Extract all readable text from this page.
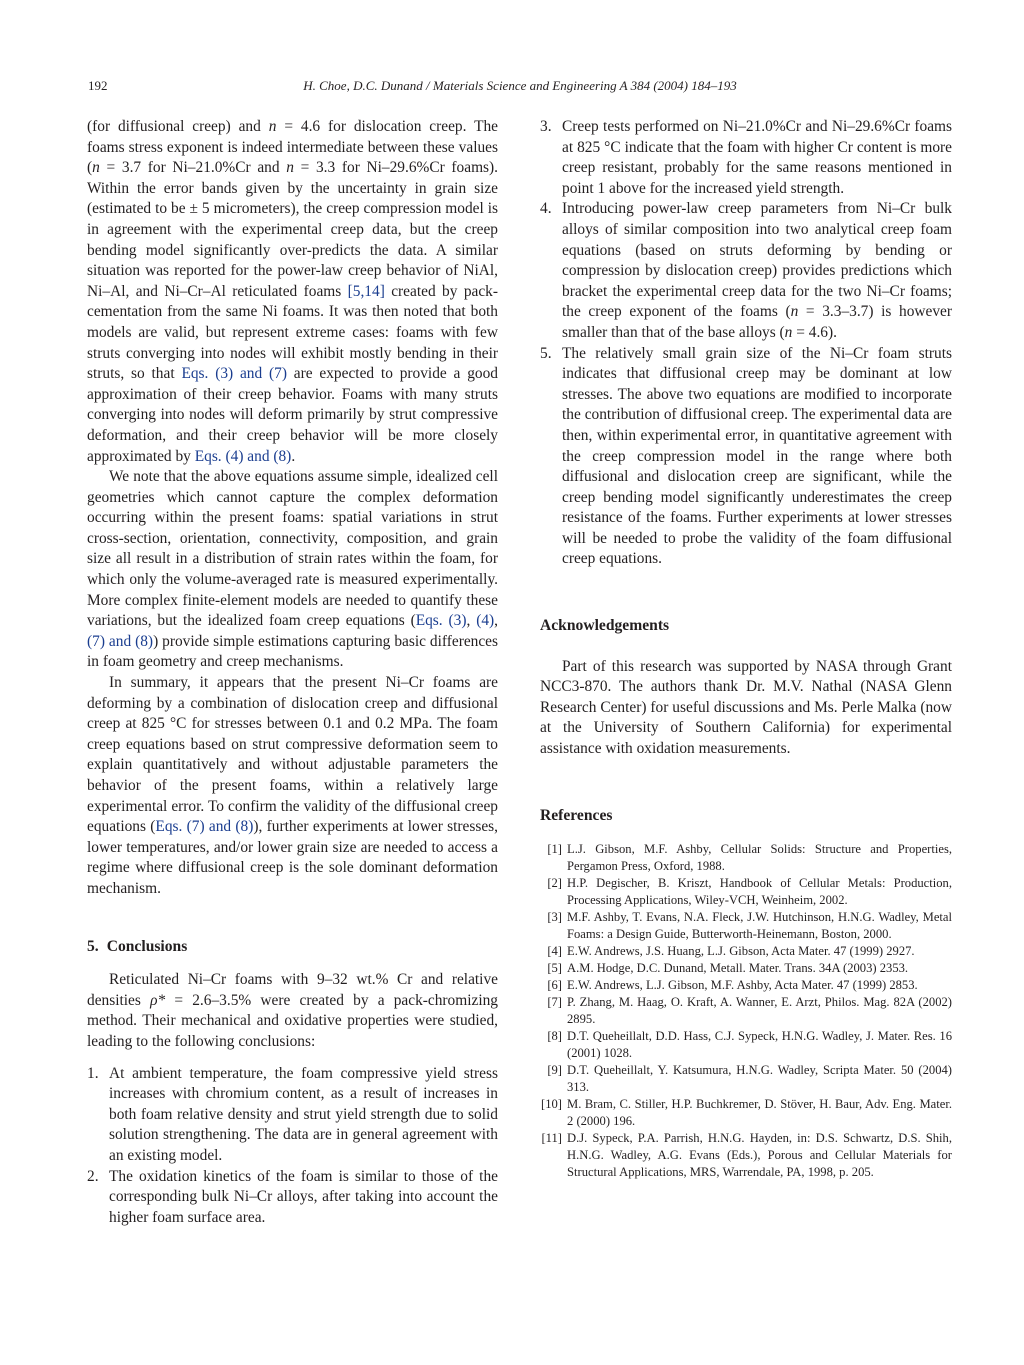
192	H. Choe, D.C. Dunand / Materials Science and Engineering A 384 (2004) 184–193

(for diffusional creep) and n = 4.6 for dislocation creep. The foams stress exponent is indeed intermediate between these values (n = 3.7 for Ni–21.0%Cr and n = 3.3 for Ni–29.6%Cr foams). Within the error bands given by the uncertainty in grain size (estimated to be ± 5 micrometers), the creep compression model is in agreement with the experimental creep data, but the creep bending model significantly over-predicts the data. A similar situation was reported for the power-law creep behavior of NiAl, Ni–Al, and Ni–Cr–Al reticulated foams [5,14] created by pack-cementation from the same Ni foams. It was then noted that both models are valid, but represent extreme cases: foams with few struts converging into nodes will exhibit mostly bending in their struts, so that Eqs. (3) and (7) are expected to provide a good approximation of their creep behavior. Foams with many struts converging into nodes will deform primarily by strut compressive deformation, and their creep behavior will be more closely approximated by Eqs. (4) and (8).

We note that the above equations assume simple, idealized cell geometries which cannot capture the complex deformation occurring within the present foams: spatial variations in strut cross-section, orientation, connectivity, composition, and grain size all result in a distribution of strain rates within the foam, for which only the volume-averaged rate is measured experimentally. More complex finite-element models are needed to quantify these variations, but the idealized foam creep equations (Eqs. (3), (4), (7) and (8)) provide simple estimations capturing basic differences in foam geometry and creep mechanisms.

In summary, it appears that the present Ni–Cr foams are deforming by a combination of dislocation creep and diffusional creep at 825 °C for stresses between 0.1 and 0.2 MPa. The foam creep equations based on strut compressive deformation seem to explain quantitatively and without adjustable parameters the behavior of the present foams, within a relatively large experimental error. To confirm the validity of the diffusional creep equations (Eqs. (7) and (8)), further experiments at lower stresses, lower temperatures, and/or lower grain size are needed to access a regime where diffusional creep is the sole dominant deformation mechanism.

5. Conclusions

Reticulated Ni–Cr foams with 9–32 wt.% Cr and relative densities ρ* = 2.6–3.5% were created by a pack-chromizing method. Their mechanical and oxidative properties were studied, leading to the following conclusions:

1. At ambient temperature, the foam compressive yield stress increases with chromium content, as a result of increases in both foam relative density and strut yield strength due to solid solution strengthening. The data are in general agreement with an existing model.
2. The oxidation kinetics of the foam is similar to those of the corresponding bulk Ni–Cr alloys, after taking into account the higher foam surface area.
3. Creep tests performed on Ni–21.0%Cr and Ni–29.6%Cr foams at 825 °C indicate that the foam with higher Cr content is more creep resistant, probably for the same reasons mentioned in point 1 above for the increased yield strength.
4. Introducing power-law creep parameters from Ni–Cr bulk alloys of similar composition into two analytical creep foam equations (based on struts deforming by bending or compression by dislocation creep) provides predictions which bracket the experimental creep data for the two Ni–Cr foams; the creep exponent of the foams (n = 3.3–3.7) is however smaller than that of the base alloys (n = 4.6).
5. The relatively small grain size of the Ni–Cr foam struts indicates that diffusional creep may be dominant at low stresses. The above two equations are modified to incorporate the contribution of diffusional creep. The experimental data are then, within experimental error, in quantitative agreement with the creep compression model in the range where both diffusional and dislocation creep are significant, while the creep bending model significantly underestimates the creep resistance of the foams. Further experiments at lower stresses will be needed to probe the validity of the foam diffusional creep equations.
Acknowledgements

Part of this research was supported by NASA through Grant NCC3-870. The authors thank Dr. M.V. Nathal (NASA Glenn Research Center) for useful discussions and Ms. Perle Malka (now at the University of Southern California) for experimental assistance with oxidation measurements.

References
[1] L.J. Gibson, M.F. Ashby, Cellular Solids: Structure and Properties, Pergamon Press, Oxford, 1988.
[2] H.P. Degischer, B. Kriszt, Handbook of Cellular Metals: Production, Processing Applications, Wiley-VCH, Weinheim, 2002.
[3] M.F. Ashby, T. Evans, N.A. Fleck, J.W. Hutchinson, H.N.G. Wadley, Metal Foams: a Design Guide, Butterworth-Heinemann, Boston, 2000.
[4] E.W. Andrews, J.S. Huang, L.J. Gibson, Acta Mater. 47 (1999) 2927.
[5] A.M. Hodge, D.C. Dunand, Metall. Mater. Trans. 34A (2003) 2353.
[6] E.W. Andrews, L.J. Gibson, M.F. Ashby, Acta Mater. 47 (1999) 2853.
[7] P. Zhang, M. Haag, O. Kraft, A. Wanner, E. Arzt, Philos. Mag. 82A (2002) 2895.
[8] D.T. Queheillalt, D.D. Hass, C.J. Sypeck, H.N.G. Wadley, J. Mater. Res. 16 (2001) 1028.
[9] D.T. Queheillalt, Y. Katsumura, H.N.G. Wadley, Scripta Mater. 50 (2004) 313.
[10] M. Bram, C. Stiller, H.P. Buchkremer, D. Stöver, H. Baur, Adv. Eng. Mater. 2 (2000) 196.
[11] D.J. Sypeck, P.A. Parrish, H.N.G. Hayden, in: D.S. Schwartz, D.S. Shih, H.N.G. Wadley, A.G. Evans (Eds.), Porous and Cellular Materials for Structural Applications, MRS, Warrendale, PA, 1998, p. 205.
